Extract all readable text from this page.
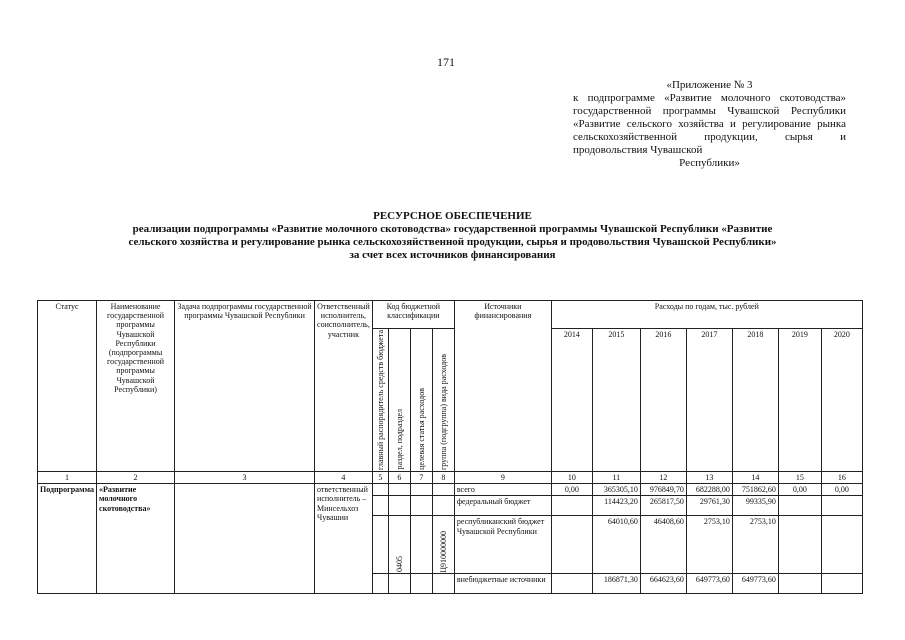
171
«Приложение № 3
к подпрограмме «Развитие молочного скотоводства» государственной программы Чувашской Республики «Развитие сельского хозяйства и регулирование рынка сельскохозяйственной продукции, сырья и продовольствия Чувашской
Республики»
РЕСУРСНОЕ ОБЕСПЕЧЕНИЕ
реализации подпрограммы «Развитие молочного скотоводства» государственной программы Чувашской Республики «Развитие
сельского хозяйства и регулирование рынка сельскохозяйственной продукции, сырья и продовольствия Чувашской Республики»
за счет всех источников финансирования
Статус	Наименование государственной программы Чувашской Республики (подпрограммы государственной программы Чувашской Республики)	Задача подпрограммы государственной программы Чувашской Республики	Ответственный исполнитель, соисполнитель, участник	Код бюджетной классификации				Источники финансирования	Расходы по годам, тыс. рублей						

				главный распорядитель средств бюджета	раздел, подраздел	целевая статья расходов	группа (подгруппа) вида расходов		2014	2015	2016	2017	2018	2019	2020
1	2	3	4	5	6	7	8	9	10	11	12	13	14	15	16
Подпрограмма	«Развитие молочного скотоводства»		ответственный исполнитель – Минсельхоз Чувашии					всего	0,00	365305,10	976849,70	682288,00	751862,60	0,00	0,00
								федеральный бюджет		114423,20	265817,50	29761,30	99335,90		

					0405		Ц910000000	республиканский бюджет Чувашской Республики		64010,60	46408,60	2753,10	2753,10		
								внебюджетные источники		186871,30	664623,60	649773,60	649773,60		
